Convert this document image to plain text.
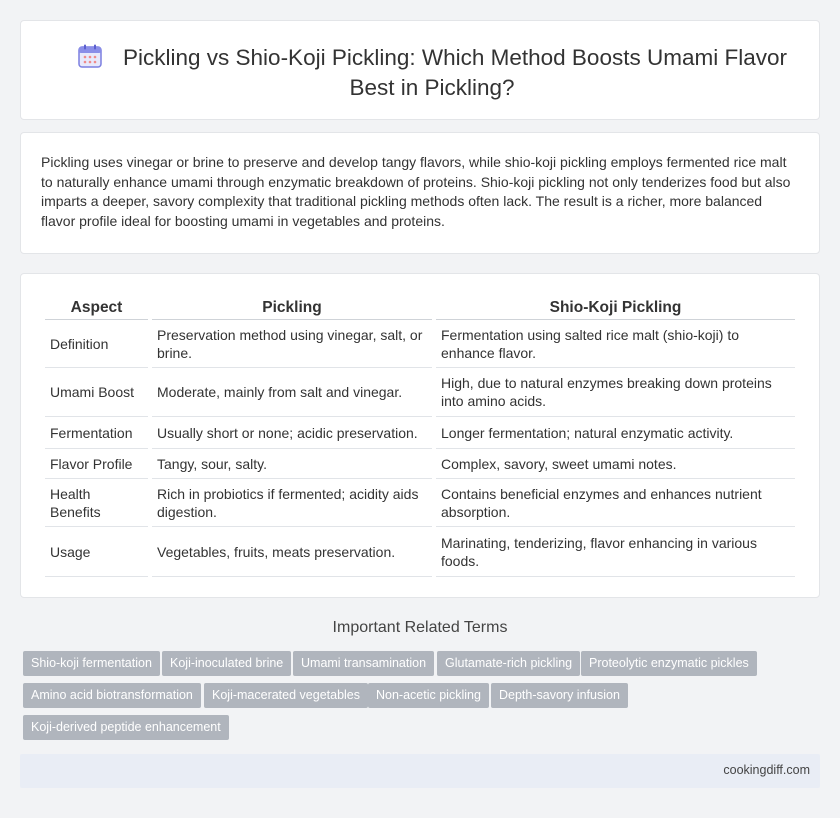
Pickling vs Shio-Koji Pickling: Which Method Boosts Umami Flavor Best in Pickling?

Pickling uses vinegar or brine to preserve and develop tangy flavors, while shio-koji pickling employs fermented rice malt to naturally enhance umami through enzymatic breakdown of proteins. Shio-koji pickling not only tenderizes food but also imparts a deeper, savory complexity that traditional pickling methods often lack. The result is a richer, more balanced flavor profile ideal for boosting umami in vegetables and proteins.

Aspect	Pickling	Shio-Koji Pickling
Definition	Preservation method using vinegar, salt, or brine.	Fermentation using salted rice malt (shio-koji) to enhance flavor.
Umami Boost	Moderate, mainly from salt and vinegar.	High, due to natural enzymes breaking down proteins into amino acids.
Fermentation	Usually short or none; acidic preservation.	Longer fermentation; natural enzymatic activity.
Flavor Profile	Tangy, sour, salty.	Complex, savory, sweet umami notes.
Health Benefits	Rich in probiotics if fermented; acidity aids digestion.	Contains beneficial enzymes and enhances nutrient absorption.
Usage	Vegetables, fruits, meats preservation.	Marinating, tenderizing, flavor enhancing in various foods.
Important Related Terms
Shio-koji fermentation	Koji-inoculated brine	Umami transamination	Glutamate-rich pickling	Proteolytic enzymatic pickles
Amino acid biotransformation	Koji-macerated vegetables	Non-acetic pickling	Depth-savory infusion
Koji-derived peptide enhancement
cookingdiff.com
